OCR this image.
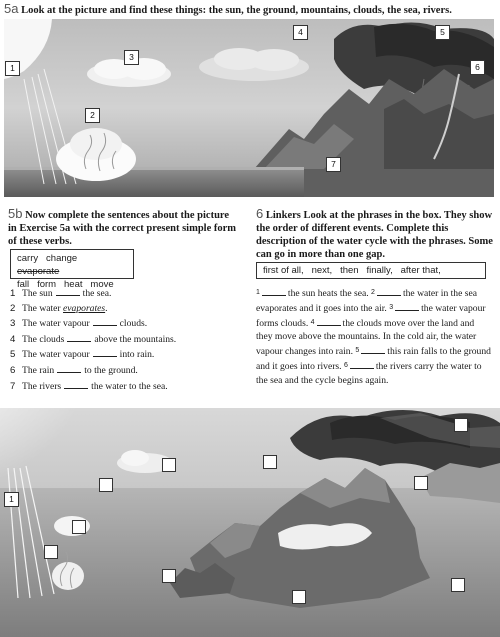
5a Look at the picture and find these things: the sun, the ground, mountains, clouds, the sea, rivers.
1
2
3
4	5
6
7
5b Now complete the sentences about the picture in Exercise 5a with the correct present simple form of these verbs.
carry change   evaporate
fall form heat move
1 The sun	the sea.
2 The water evaporates.
3 The water vapour	clouds.
4 The clouds	above the mountains.
5 The water vapour	into rain.
6 The rain	to the ground.
7 The rivers	the water to the sea.
6 Linkers Look at the phrases in the box. They show the order of different events. Complete this description of the water cycle with the phrases. Some can go in more than one gap.
first of all,   next,   then   finally,   after that,
$^1$	the sun heats the sea. $^2$	the water in the sea evaporates and it goes into the air. $^3$	the water vapour forms clouds. $^4$	the clouds move over the land and they move above the mountains. In the cold air, the water vapour changes into rain. $^5$	this rain falls to the ground and it goes into rivers. $^6$	the rivers carry the water to the sea and the cycle begins again.
1
